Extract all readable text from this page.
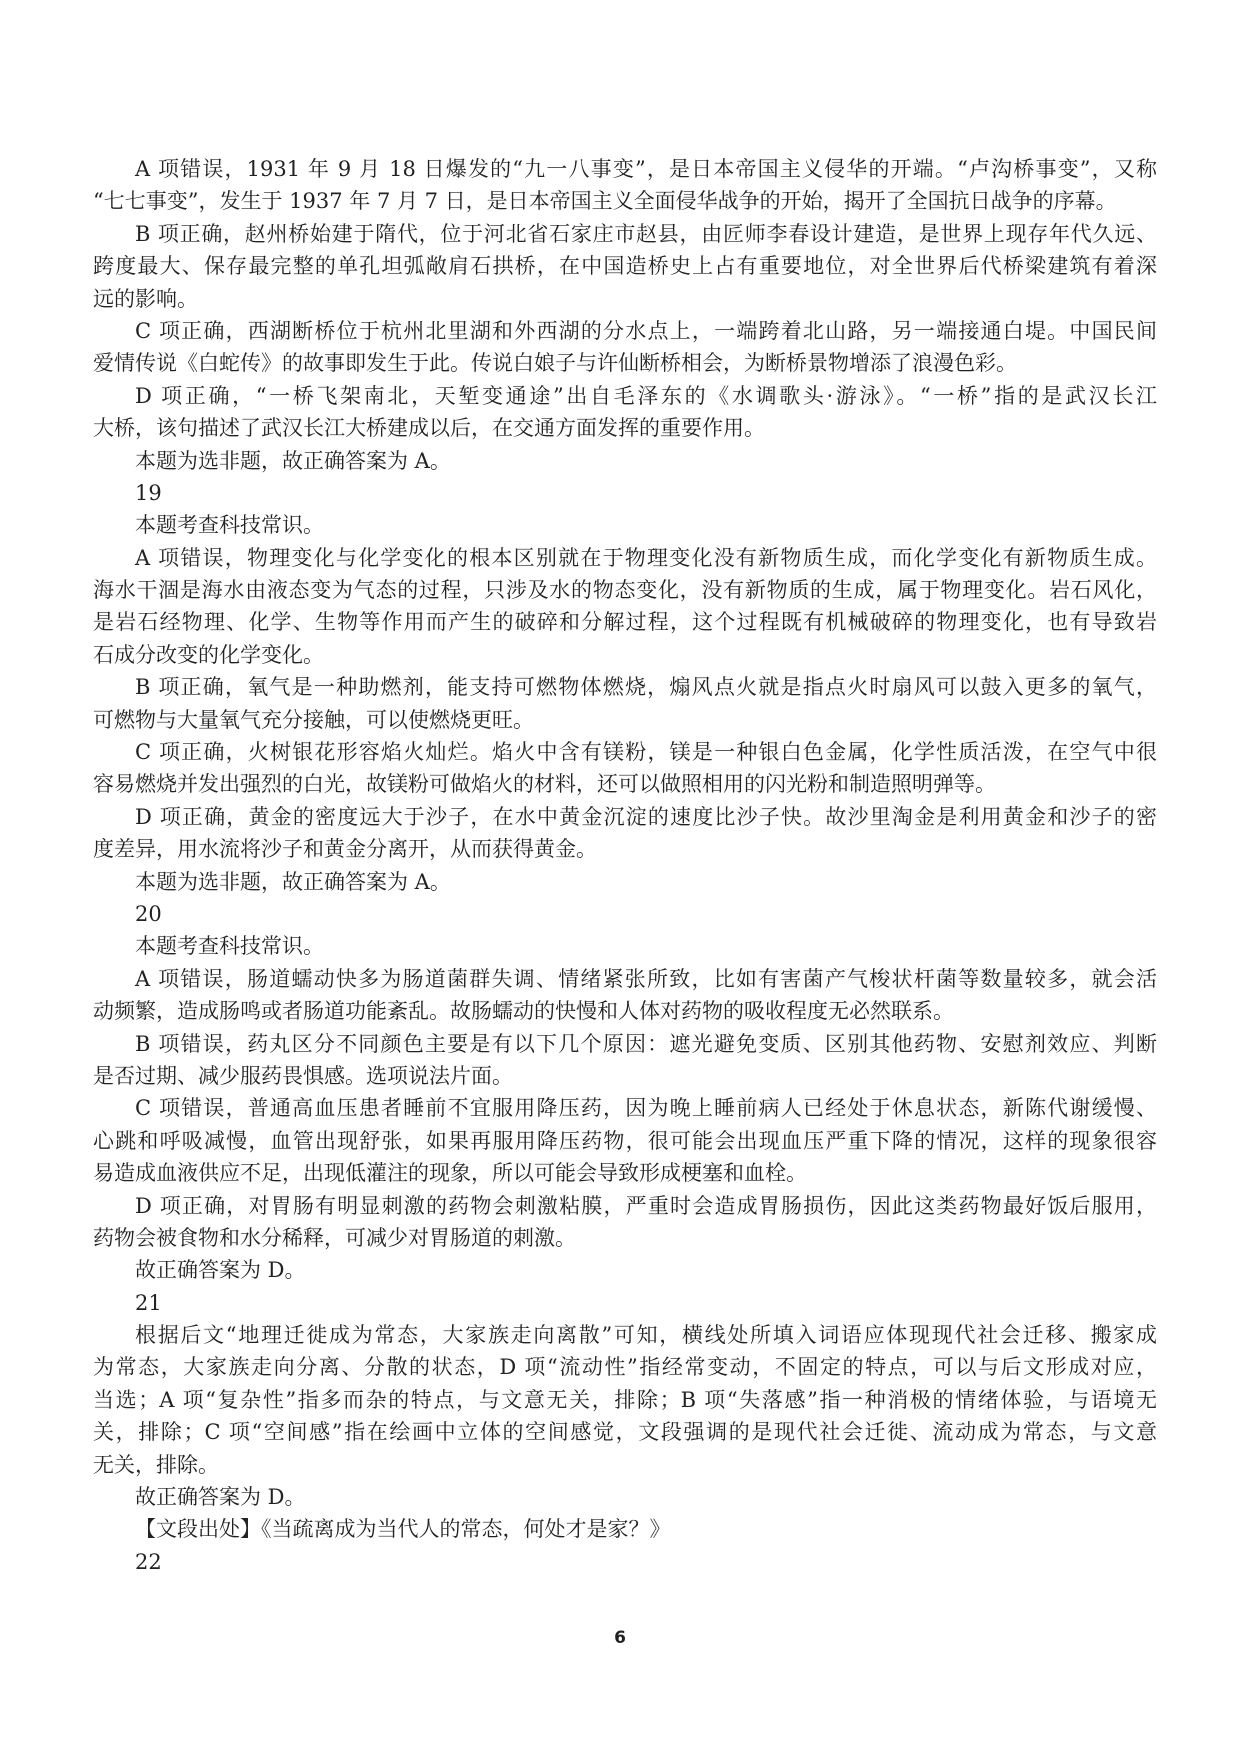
A 项错误，1931 年 9 月 18 日爆发的“九一八事变”，是日本帝国主义侵华的开端。“卢沟桥事变”，又称
“七七事变”，发生于 1937 年 7 月 7 日，是日本帝国主义全面侵华战争的开始，揭开了全国抗日战争的序幕。
B 项正确，赵州桥始建于隋代，位于河北省石家庄市赵县，由匠师李春设计建造，是世界上现存年代久远、
跨度最大、保存最完整的单孔坦弧敞肩石拱桥，在中国造桥史上占有重要地位，对全世界后代桥梁建筑有着深
远的影响。
C 项正确，西湖断桥位于杭州北里湖和外西湖的分水点上，一端跨着北山路，另一端接通白堤。中国民间
爱情传说《白蛇传》的故事即发生于此。传说白娘子与许仙断桥相会，为断桥景物增添了浪漫色彩。
D 项正确，“一桥飞架南北，天堑变通途”出自毛泽东的《水调歌头·游泳》。“一桥”指的是武汉长江
大桥，该句描述了武汉长江大桥建成以后，在交通方面发挥的重要作用。
本题为选非题，故正确答案为 A。
19
本题考查科技常识。
A 项错误，物理变化与化学变化的根本区别就在于物理变化没有新物质生成，而化学变化有新物质生成。
海水干涸是海水由液态变为气态的过程，只涉及水的物态变化，没有新物质的生成，属于物理变化。岩石风化，
是岩石经物理、化学、生物等作用而产生的破碎和分解过程，这个过程既有机械破碎的物理变化，也有导致岩
石成分改变的化学变化。
B 项正确，氧气是一种助燃剂，能支持可燃物体燃烧，煽风点火就是指点火时扇风可以鼓入更多的氧气，
可燃物与大量氧气充分接触，可以使燃烧更旺。
C 项正确，火树银花形容焰火灿烂。焰火中含有镁粉，镁是一种银白色金属，化学性质活泼，在空气中很
容易燃烧并发出强烈的白光，故镁粉可做焰火的材料，还可以做照相用的闪光粉和制造照明弹等。
D 项正确，黄金的密度远大于沙子，在水中黄金沉淀的速度比沙子快。故沙里淘金是利用黄金和沙子的密
度差异，用水流将沙子和黄金分离开，从而获得黄金。
本题为选非题，故正确答案为 A。
20
本题考查科技常识。
A 项错误，肠道蠕动快多为肠道菌群失调、情绪紧张所致，比如有害菌产气梭状杆菌等数量较多，就会活
动频繁，造成肠鸣或者肠道功能紊乱。故肠蠕动的快慢和人体对药物的吸收程度无必然联系。
B 项错误，药丸区分不同颜色主要是有以下几个原因：遮光避免变质、区别其他药物、安慰剂效应、判断
是否过期、减少服药畏惧感。选项说法片面。
C 项错误，普通高血压患者睡前不宜服用降压药，因为晚上睡前病人已经处于休息状态，新陈代谢缓慢、
心跳和呼吸减慢，血管出现舒张，如果再服用降压药物，很可能会出现血压严重下降的情况，这样的现象很容
易造成血液供应不足，出现低灌注的现象，所以可能会导致形成梗塞和血栓。
D 项正确，对胃肠有明显刺激的药物会刺激粘膜，严重时会造成胃肠损伤，因此这类药物最好饭后服用，
药物会被食物和水分稀释，可减少对胃肠道的刺激。
故正确答案为 D。
21
根据后文“地理迁徙成为常态，大家族走向离散”可知，横线处所填入词语应体现现代社会迁移、搬家成
为常态，大家族走向分离、分散的状态，D 项“流动性”指经常变动，不固定的特点，可以与后文形成对应，
当选；A 项“复杂性”指多而杂的特点，与文意无关，排除；B 项“失落感”指一种消极的情绪体验，与语境无
关，排除；C 项“空间感”指在绘画中立体的空间感觉，文段强调的是现代社会迁徙、流动成为常态，与文意
无关，排除。
故正确答案为 D。
【文段出处】《当疏离成为当代人的常态，何处才是家？》
22
6
